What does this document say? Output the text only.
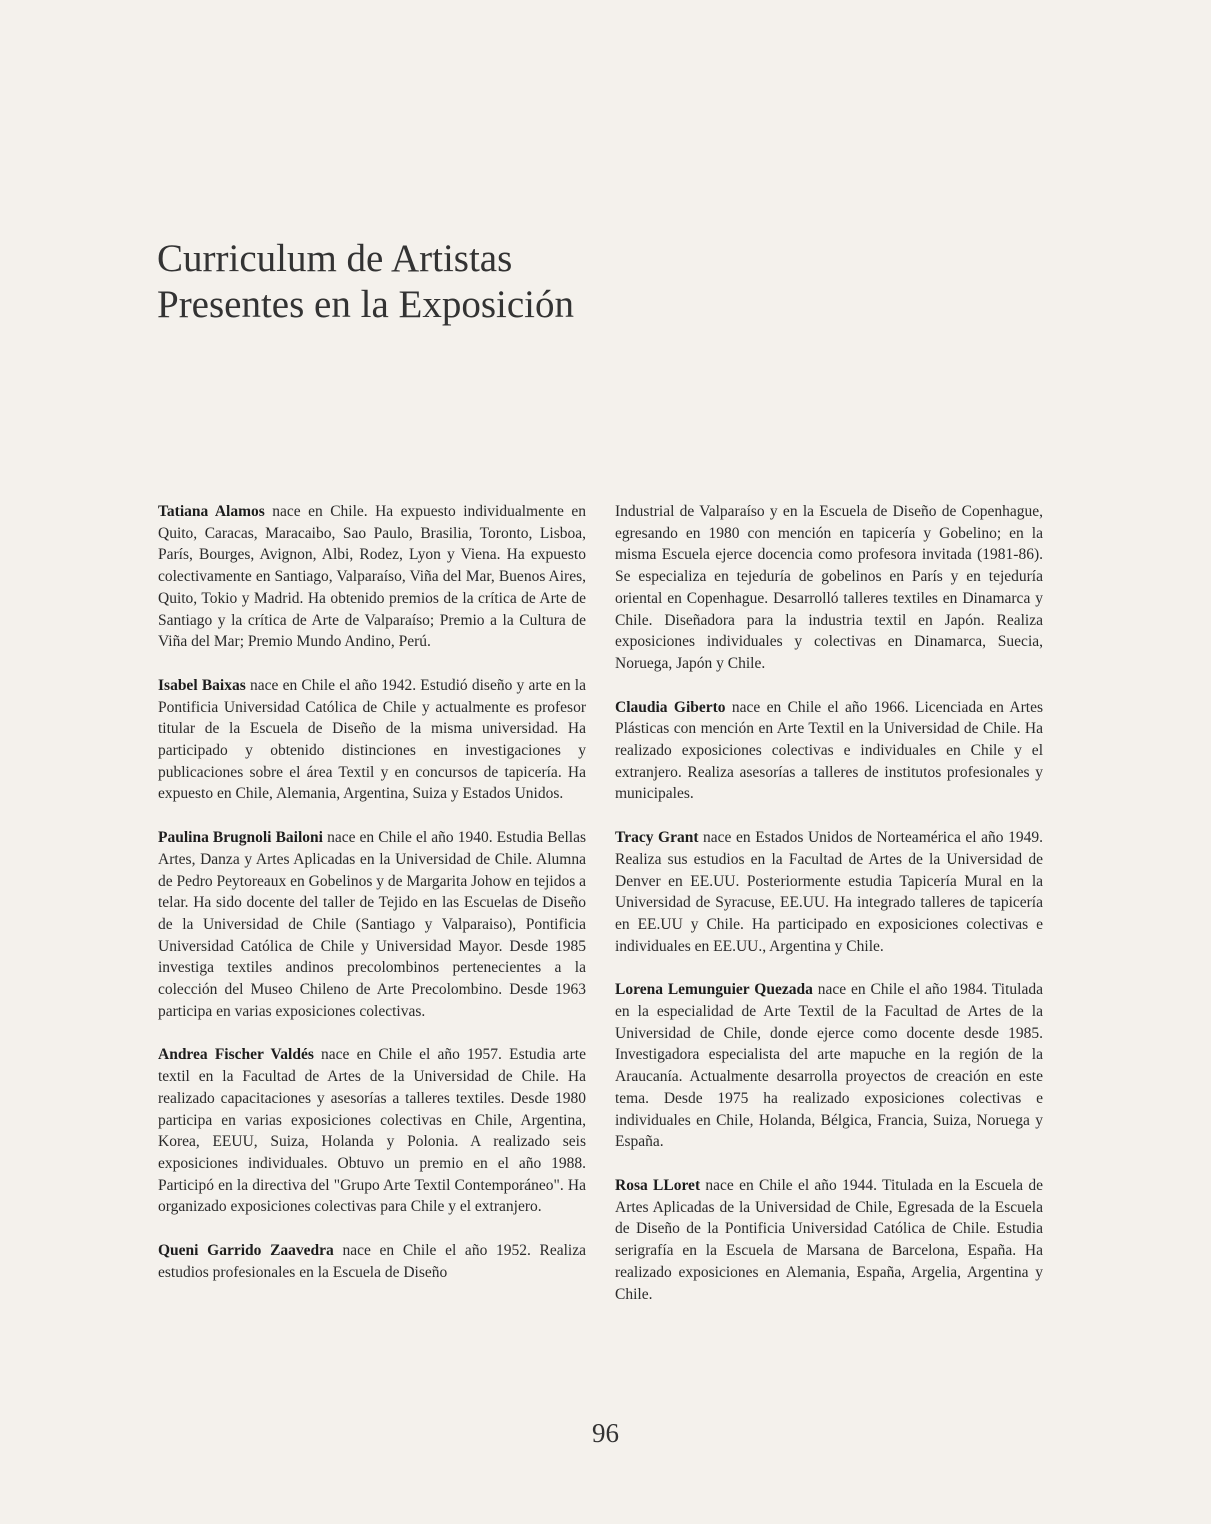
Curriculum de Artistas
Presentes en la Exposición

Tatiana Alamos nace en Chile. Ha expuesto individualmente en Quito, Caracas, Maracaibo, Sao Paulo, Brasilia, Toronto, Lisboa, París, Bourges, Avignon, Albi, Rodez, Lyon y Viena. Ha expuesto colectivamente en Santiago, Valparaíso, Viña del Mar, Buenos Aires, Quito, Tokio y Madrid. Ha obtenido premios de la crítica de Arte de Santiago y la crítica de Arte de Valparaíso; Premio a la Cultura de Viña del Mar; Premio Mundo Andino, Perú.

Isabel Baixas nace en Chile el año 1942. Estudió diseño y arte en la Pontificia Universidad Católica de Chile y actualmente es profesor titular de la Escuela de Diseño de la misma universidad. Ha participado y obtenido distinciones en investigaciones y publicaciones sobre el área Textil y en concursos de tapicería. Ha expuesto en Chile, Alemania, Argentina, Suiza y Estados Unidos.

Paulina Brugnoli Bailoni nace en Chile el año 1940. Estudia Bellas Artes, Danza y Artes Aplicadas en la Universidad de Chile. Alumna de Pedro Peytoreaux en Gobelinos y de Margarita Johow en tejidos a telar. Ha sido docente del taller de Tejido en las Escuelas de Diseño de la Universidad de Chile (Santiago y Valparaiso), Pontificia Universidad Católica de Chile y Universidad Mayor. Desde 1985 investiga textiles andinos precolombinos pertenecientes a la colección del Museo Chileno de Arte Precolombino. Desde 1963 participa en varias exposiciones colectivas.

Andrea Fischer Valdés nace en Chile el año 1957. Estudia arte textil en la Facultad de Artes de la Universidad de Chile. Ha realizado capacitaciones y asesorías a talleres textiles. Desde 1980 participa en varias exposiciones colectivas en Chile, Argentina, Korea, EEUU, Suiza, Holanda y Polonia. A realizado seis exposiciones individuales. Obtuvo un premio en el año 1988. Participó en la directiva del "Grupo Arte Textil Contemporáneo". Ha organizado exposiciones colectivas para Chile y el extranjero.

Queni Garrido Zaavedra nace en Chile el año 1952. Realiza estudios profesionales en la Escuela de Diseño

Industrial de Valparaíso y en la Escuela de Diseño de Copenhague, egresando en 1980 con mención en tapicería y Gobelino; en la misma Escuela ejerce docencia como profesora invitada (1981-86). Se especializa en tejeduría de gobelinos en París y en tejeduría oriental en Copenhague. Desarrolló talleres textiles en Dinamarca y Chile. Diseñadora para la industria textil en Japón. Realiza exposiciones individuales y colectivas en Dinamarca, Suecia, Noruega, Japón y Chile.

Claudia Giberto nace en Chile el año 1966. Licenciada en Artes Plásticas con mención en Arte Textil en la Universidad de Chile. Ha realizado exposiciones colectivas e individuales en Chile y el extranjero. Realiza asesorías a talleres de institutos profesionales y municipales.

Tracy Grant nace en Estados Unidos de Norteamérica el año 1949. Realiza sus estudios en la Facultad de Artes de la Universidad de Denver en EE.UU. Posteriormente estudia Tapicería Mural en la Universidad de Syracuse, EE.UU. Ha integrado talleres de tapicería en EE.UU y Chile. Ha participado en exposiciones colectivas e individuales en EE.UU., Argentina y Chile.

Lorena Lemunguier Quezada nace en Chile el año 1984. Titulada en la especialidad de Arte Textil de la Facultad de Artes de la Universidad de Chile, donde ejerce como docente desde 1985. Investigadora especialista del arte mapuche en la región de la Araucanía. Actualmente desarrolla proyectos de creación en este tema. Desde 1975 ha realizado exposiciones colectivas e individuales en Chile, Holanda, Bélgica, Francia, Suiza, Noruega y España.

Rosa LLoret nace en Chile el año 1944. Titulada en la Escuela de Artes Aplicadas de la Universidad de Chile, Egresada de la Escuela de Diseño de la Pontificia Universidad Católica de Chile. Estudia serigrafía en la Escuela de Marsana de Barcelona, España. Ha realizado exposiciones en Alemania, España, Argelia, Argentina y Chile.

96
